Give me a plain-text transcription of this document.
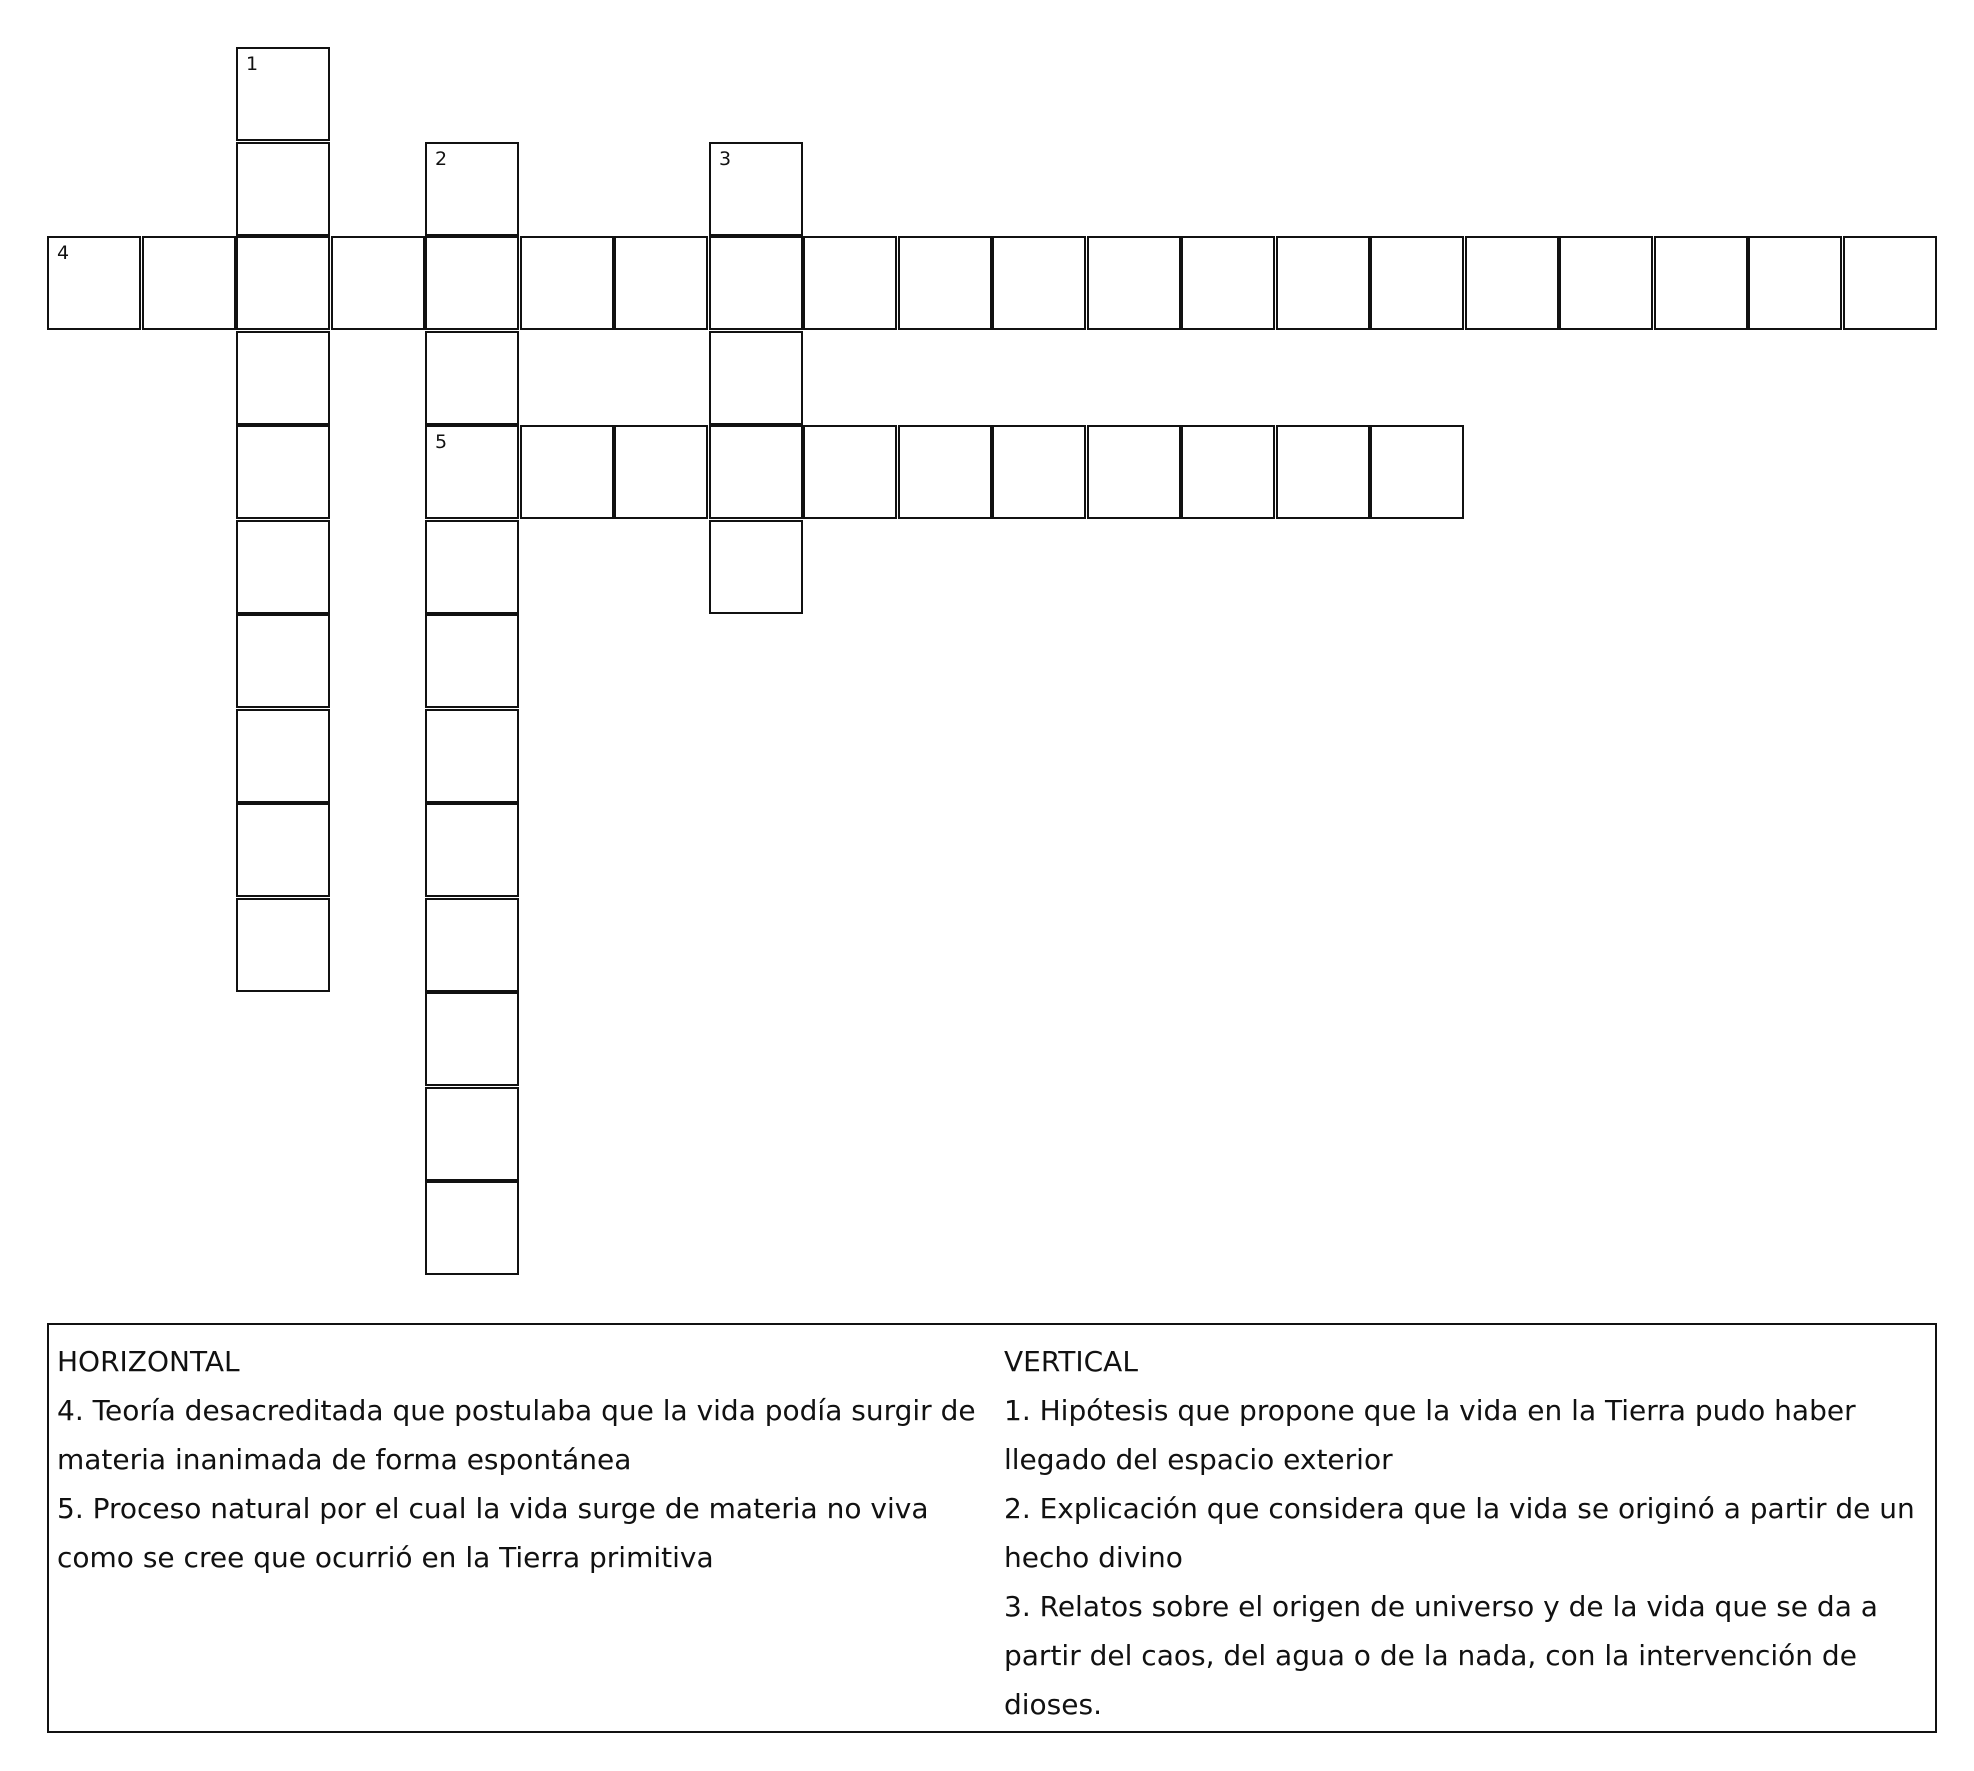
1
2
5
3
4
HORIZONTAL
4. Teoría desacreditada que postulaba que la vida podía surgir de materia inanimada de forma espontánea
5. Proceso natural por el cual la vida surge de materia no viva como se cree que ocurrió en la Tierra primitiva
VERTICAL
1. Hipótesis que propone que la vida en la Tierra pudo haber llegado del espacio exterior
2. Explicación que considera que la vida se originó a partir de un hecho divino
3. Relatos sobre el origen de universo y de la vida que se da a partir del caos, del agua o de la nada, con la intervención de dioses.
